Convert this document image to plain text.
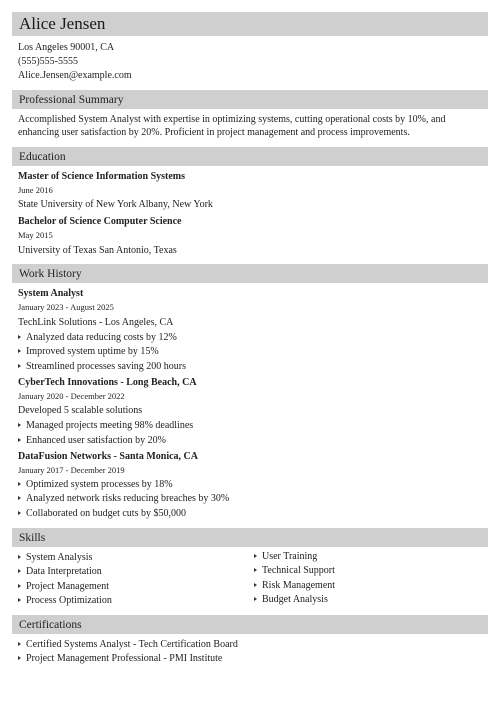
Alice Jensen
Los Angeles 90001, CA
(555)555-5555
Alice.Jensen@example.com
Professional Summary
Accomplished System Analyst with expertise in optimizing systems, cutting operational costs by 10%, and enhancing user satisfaction by 20%. Proficient in project management and process improvements.
Education
Master of Science Information Systems
June 2016
State University of New York Albany, New York
Bachelor of Science Computer Science
May 2015
University of Texas San Antonio, Texas
Work History
System Analyst
January 2023 - August 2025
TechLink Solutions - Los Angeles, CA
Analyzed data reducing costs by 12%
Improved system uptime by 15%
Streamlined processes saving 200 hours
CyberTech Innovations - Long Beach, CA
January 2020 - December 2022
Developed 5 scalable solutions
Managed projects meeting 98% deadlines
Enhanced user satisfaction by 20%
DataFusion Networks - Santa Monica, CA
January 2017 - December 2019
Optimized system processes by 18%
Analyzed network risks reducing breaches by 30%
Collaborated on budget cuts by $50,000
Skills
System Analysis
Data Interpretation
Project Management
Process Optimization
User Training
Technical Support
Risk Management
Budget Analysis
Certifications
Certified Systems Analyst - Tech Certification Board
Project Management Professional - PMI Institute
